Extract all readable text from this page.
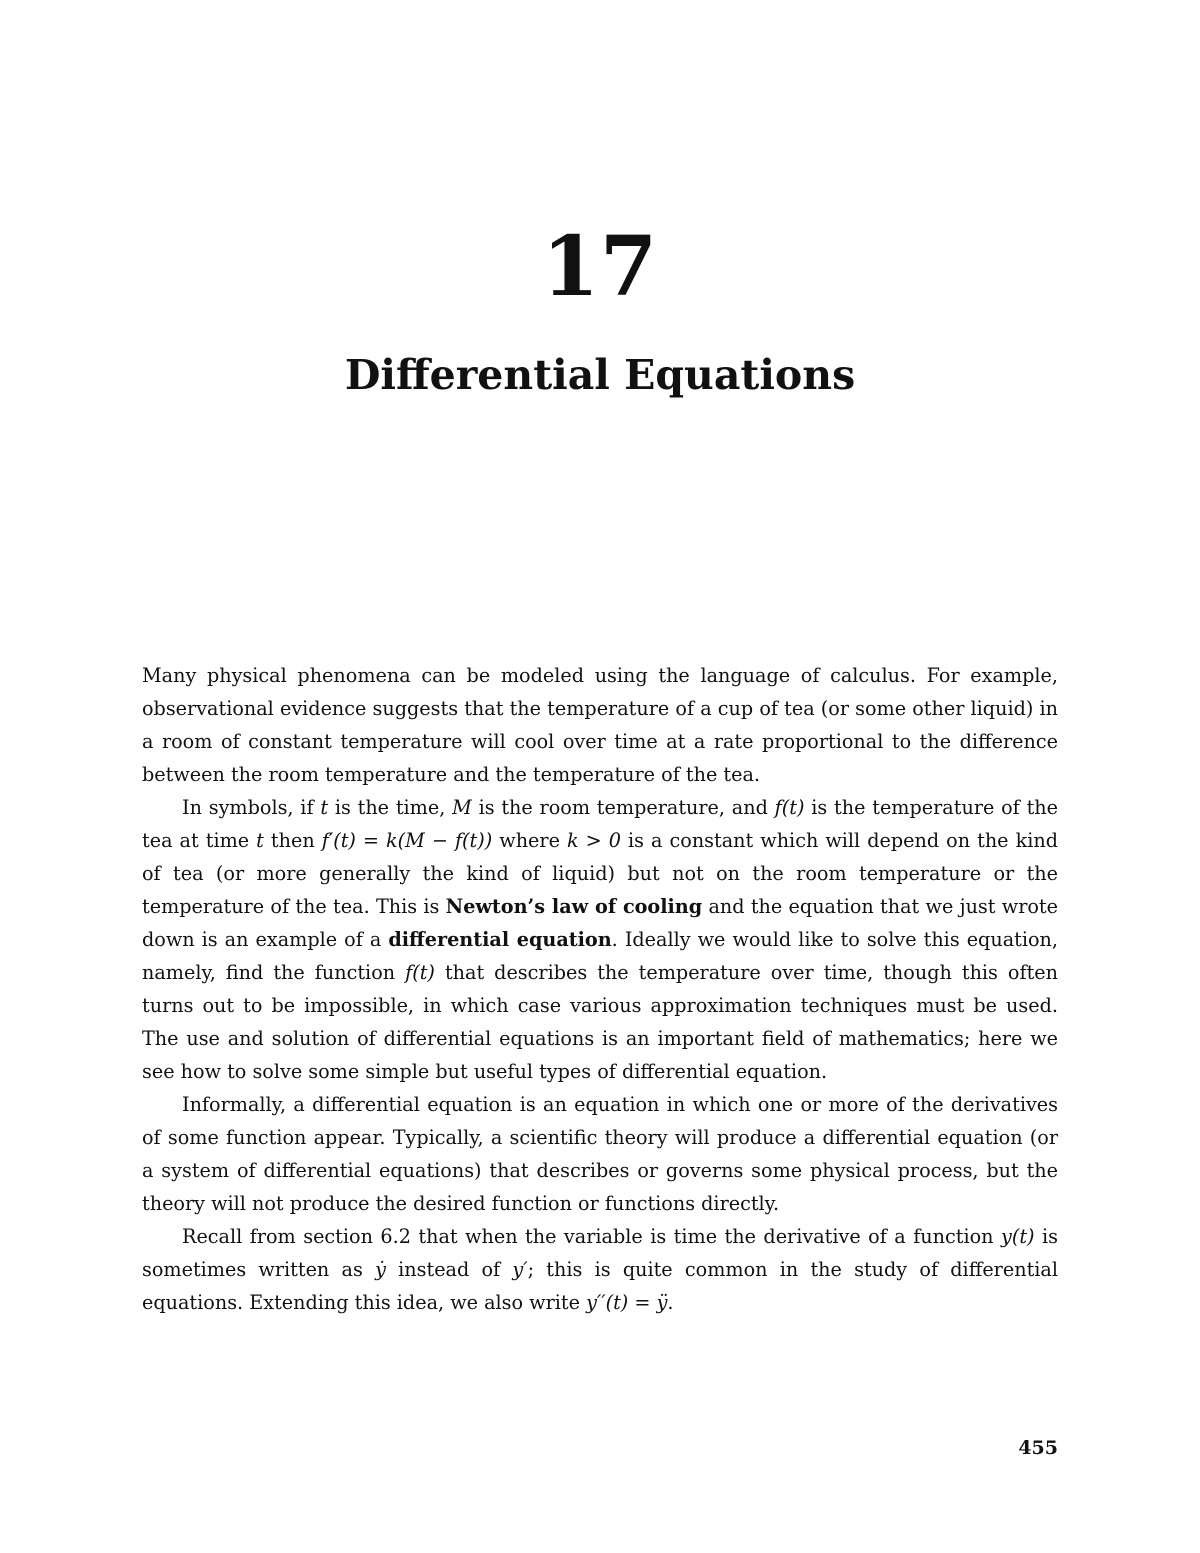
17
Differential Equations

Many physical phenomena can be modeled using the language of calculus. For example, observational evidence suggests that the temperature of a cup of tea (or some other liquid) in a room of constant temperature will cool over time at a rate proportional to the difference between the room temperature and the temperature of the tea.

In symbols, if t is the time, M is the room temperature, and f(t) is the temperature of the tea at time t then f′(t) = k(M − f(t)) where k > 0 is a constant which will depend on the kind of tea (or more generally the kind of liquid) but not on the room temperature or the temperature of the tea. This is Newton’s law of cooling and the equation that we just wrote down is an example of a differential equation. Ideally we would like to solve this equation, namely, find the function f(t) that describes the temperature over time, though this often turns out to be impossible, in which case various approximation techniques must be used. The use and solution of differential equations is an important field of mathematics; here we see how to solve some simple but useful types of differential equation.

Informally, a differential equation is an equation in which one or more of the derivatives of some function appear. Typically, a scientific theory will produce a differential equation (or a system of differential equations) that describes or governs some physical process, but the theory will not produce the desired function or functions directly.

Recall from section 6.2 that when the variable is time the derivative of a function y(t) is sometimes written as ẏ instead of y′; this is quite common in the study of differential equations. Extending this idea, we also write y′′(t) = ÿ.

455
